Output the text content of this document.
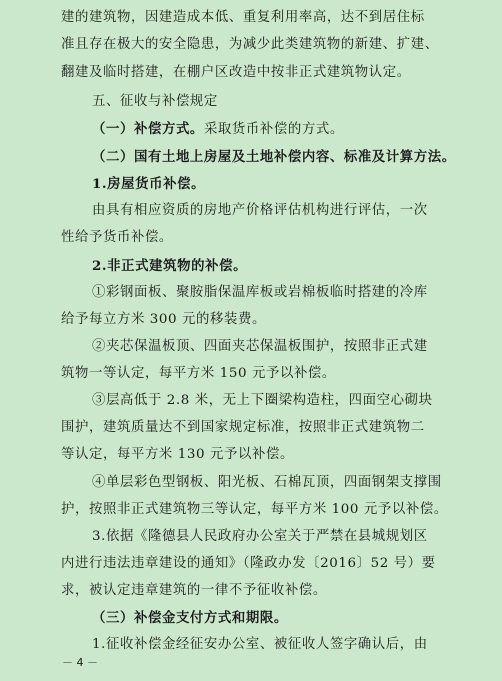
建的建筑物，因建造成本低、重复利用率高，达不到居住标
准且存在极大的安全隐患，为减少此类建筑物的新建、扩建、
翻建及临时搭建，在棚户区改造中按非正式建筑物认定。
五、征收与补偿规定
（一）补偿方式。采取货币补偿的方式。
（二）国有土地上房屋及土地补偿内容、标准及计算方法。
1.房屋货币补偿。
由具有相应资质的房地产价格评估机构进行评估，一次
性给予货币补偿。
2.非正式建筑物的补偿。
①彩钢面板、聚胺脂保温库板或岩棉板临时搭建的冷库
给予每立方米 300 元的移装费。
②夹芯保温板顶、四面夹芯保温板围护，按照非正式建
筑物一等认定，每平方米 150 元予以补偿。
③层高低于 2.8 米，无上下圈梁构造柱，四面空心砌块
围护，建筑质量达不到国家规定标准，按照非正式建筑物二
等认定，每平方米 130 元予以补偿。
④单层彩色型钢板、阳光板、石棉瓦顶，四面钢架支撑围
护，按照非正式建筑物三等认定，每平方米 100 元予以补偿。
3.依据《隆德县人民政府办公室关于严禁在县城规划区
内进行违法违章建设的通知》（隆政办发〔2016〕52 号）要
求，被认定违章建筑的一律不予征收补偿。
（三）补偿金支付方式和期限。
1.征收补偿金经征安办公室、被征收人签字确认后，由
－ 4 －
